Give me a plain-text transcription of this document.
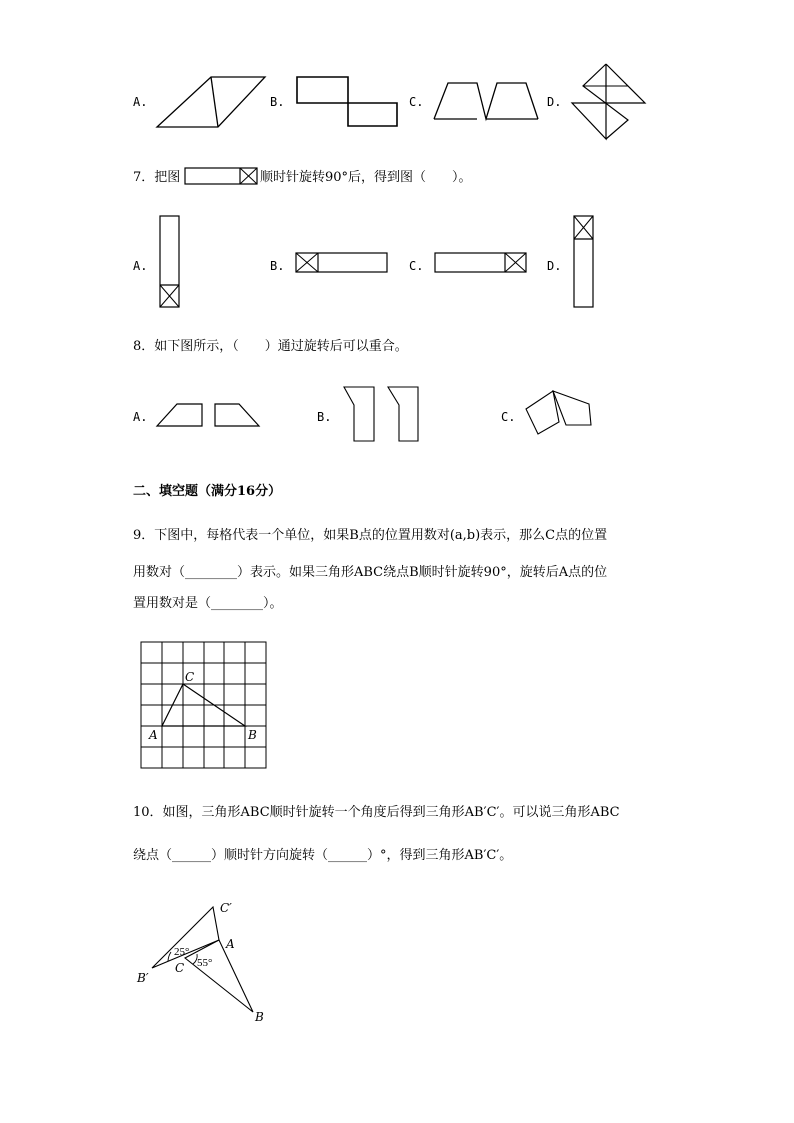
A.	B.	C.	D.
7．把图	顺时针旋转90°后，得到图（　　）。
A.	B.	C.	D.
8．如下图所示，（　　）通过旋转后可以重合。
A.	B.	C.
二、填空题（满分16分）
9．下图中，每格代表一个单位，如果B点的位置用数对(a,b)表示，那么C点的位置
用数对（________）表示。如果三角形ABC绕点B顺时针旋转90°，旋转后A点的位
置用数对是（________）。
C
A	B
10．如图，三角形ABC顺时针旋转一个角度后得到三角形AB′C′。可以说三角形ABC
绕点（______）顺时针方向旋转（______）°，得到三角形AB′C′。
25°
55°
C′
A
B′
C
B
